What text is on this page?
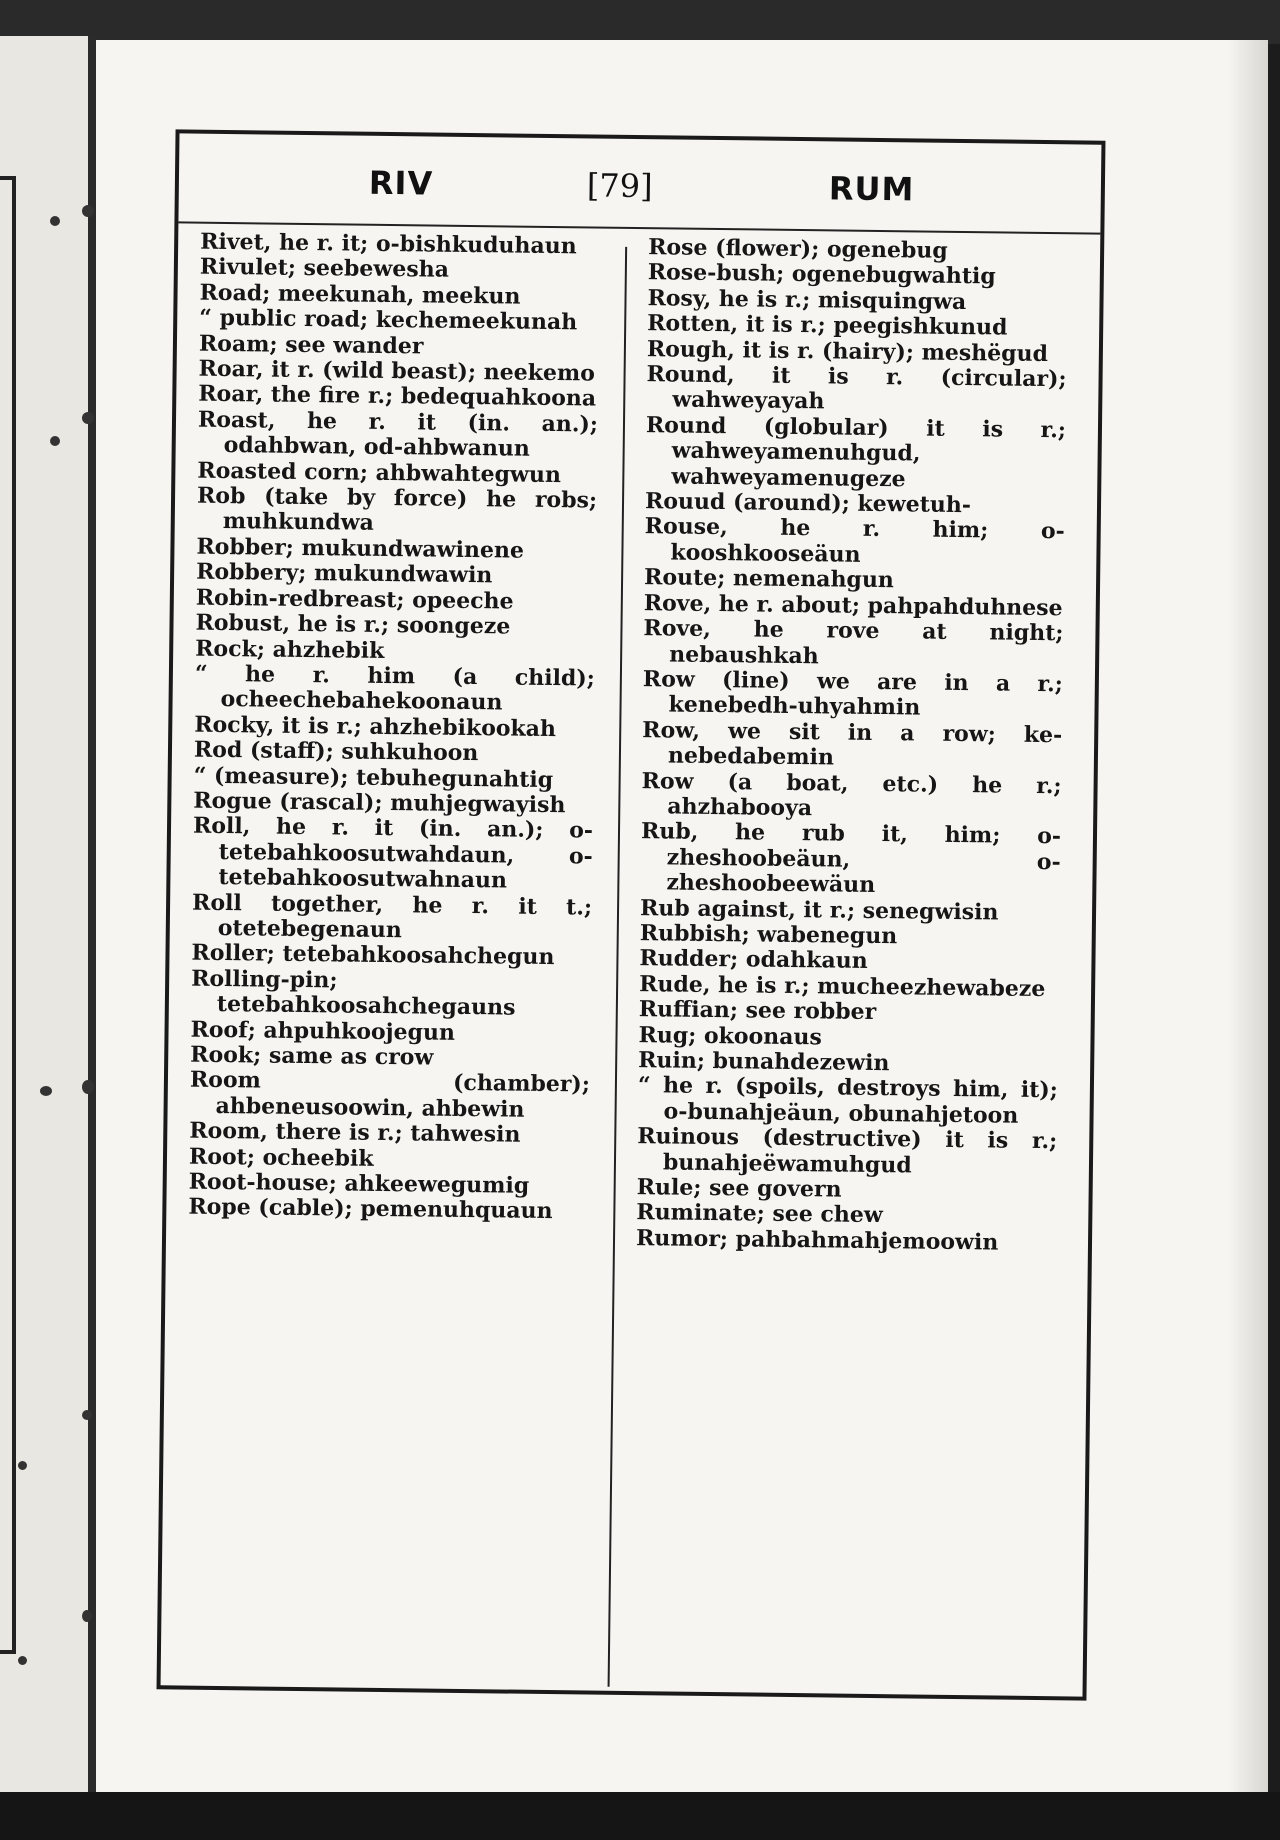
RIV	[79]	RUM
Rivet, he r. it; o-bishkuduhaun
Rivulet; seebewesha
Road; meekunah, meekun
“ public road; kechemeekunah
Roam; see wander
Roar, it r. (wild beast); neekemo
Roar, the fire r.; bedequahkoona
Roast, he r. it (in. an.); odahbwan, od-ahbwanun
Roasted corn; ahbwahtegwun
Rob (take by force) he robs; muhkundwa
Robber; mukundwawinene
Robbery; mukundwawin
Robin-redbreast; opeeche
Robust, he is r.; soongeze
Rock; ahzhebik
“ he r. him (a child); ocheechebahekoonaun
Rocky, it is r.; ahzhebikookah
Rod (staff); suhkuhoon
“ (measure); tebuhegunahtig
Rogue (rascal); muhjegwayish
Roll, he r. it (in. an.); o-tetebahkoosutwahdaun, o-tetebahkoosutwahnaun
Roll together, he r. it t.; otetebegenaun
Roller; tetebahkoosahchegun
Rolling-pin; tetebahkoosahchegauns
Roof; ahpuhkoojegun
Rook; same as crow
Room (chamber); ahbeneusoowin, ahbewin
Room, there is r.; tahwesin
Root; ocheebik
Root-house; ahkeewegumig
Rope (cable); pemenuhquaun
Rose (flower); ogenebug
Rose-bush; ogenebugwahtig
Rosy, he is r.; misquingwa
Rotten, it is r.; peegishkunud
Rough, it is r. (hairy); meshëgud
Round, it is r. (circular); wahweyayah
Round (globular) it is r.; wahweyamenuhgud, wahweyamenugeze
Rouud (around); kewetuh-
Rouse, he r. him; o-kooshkooseäun
Route; nemenahgun
Rove, he r. about; pahpahduhnese
Rove, he rove at night; nebaushkah
Row (line) we are in a r.; kenebedh-uhyahmin
Row, we sit in a row; ke-nebedabemin
Row (a boat, etc.) he r.; ahzhabooya
Rub, he rub it, him; o-zheshoobeäun, o-zheshoobeewäun
Rub against, it r.; senegwisin
Rubbish; wabenegun
Rudder; odahkaun
Rude, he is r.; mucheezhewabeze
Ruffian; see robber
Rug; okoonaus
Ruin; bunahdezewin
“ he r. (spoils, destroys him, it); o-bunahjeäun, obunahjetoon
Ruinous (destructive) it is r.; bunahjeëwamuhgud
Rule; see govern
Ruminate; see chew
Rumor; pahbahmahjemoowin
